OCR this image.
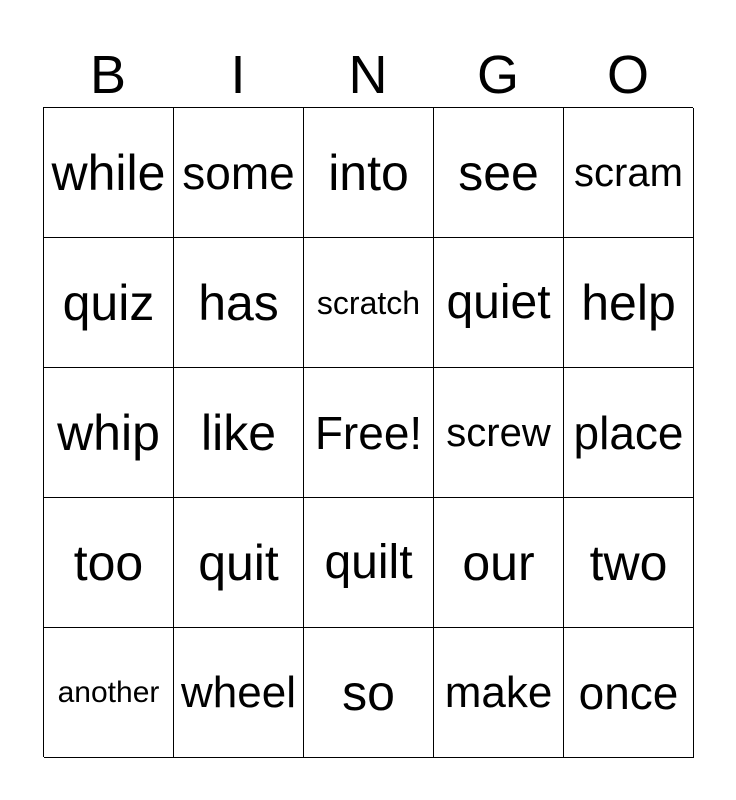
B	I	N	G	O
while some into see scram
quiz has	scratch quiet help
whip like Free! screw place
too	quit quilt our	two
another wheel so	make once
